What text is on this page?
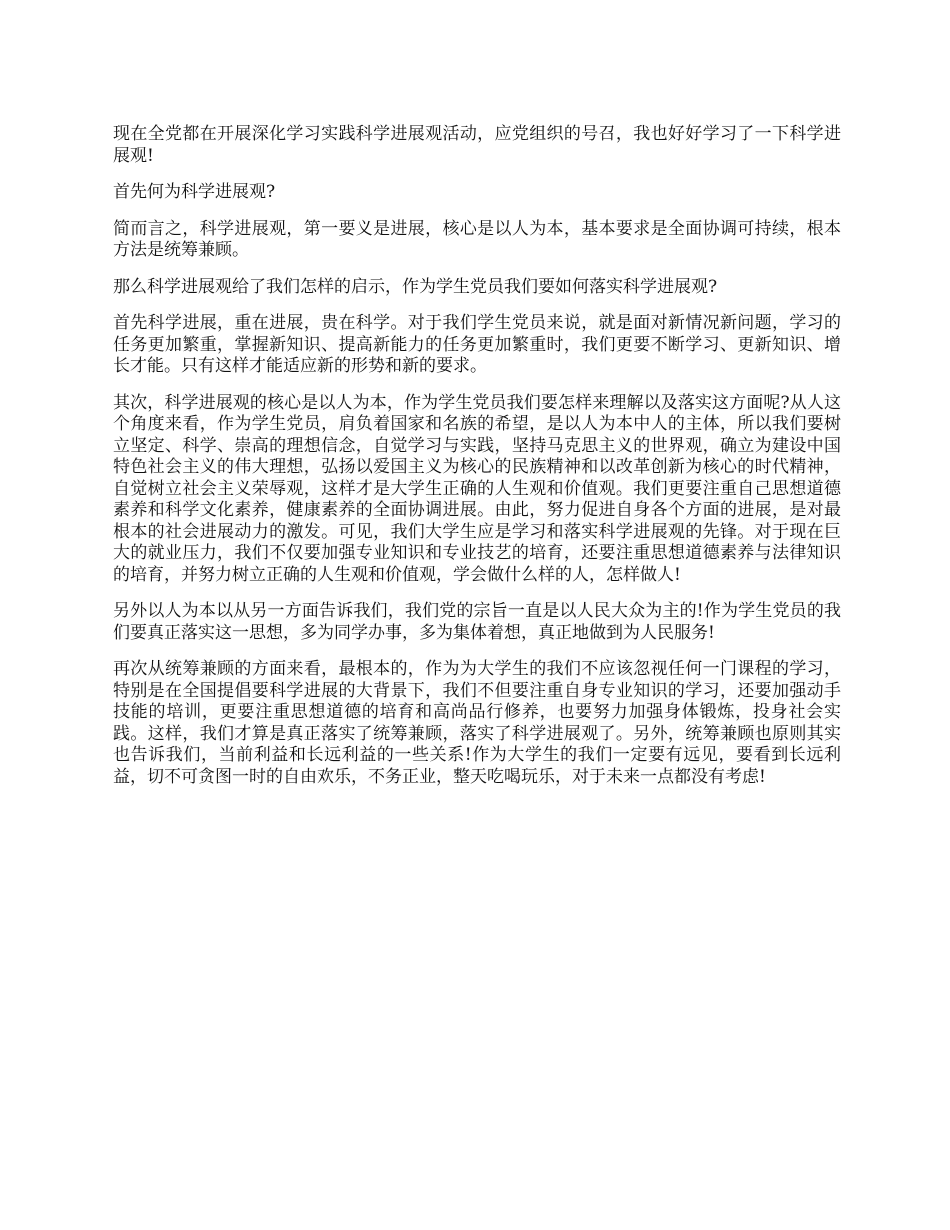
现在全党都在开展深化学习实践科学进展观活动，应党组织的号召，我也好好学习了一下科学进展观!

首先何为科学进展观?

简而言之，科学进展观，第一要义是进展，核心是以人为本，基本要求是全面协调可持续，根本方法是统筹兼顾。

那么科学进展观给了我们怎样的启示，作为学生党员我们要如何落实科学进展观?

首先科学进展，重在进展，贵在科学。对于我们学生党员来说，就是面对新情况新问题，学习的任务更加繁重，掌握新知识、提高新能力的任务更加繁重时，我们更要不断学习、更新知识、增长才能。只有这样才能适应新的形势和新的要求。

其次，科学进展观的核心是以人为本，作为学生党员我们要怎样来理解以及落实这方面呢?从人这个角度来看，作为学生党员，肩负着国家和名族的希望，是以人为本中人的主体，所以我们要树立坚定、科学、崇高的理想信念，自觉学习与实践，坚持马克思主义的世界观，确立为建设中国特色社会主义的伟大理想，弘扬以爱国主义为核心的民族精神和以改革创新为核心的时代精神，自觉树立社会主义荣辱观，这样才是大学生正确的人生观和价值观。我们更要注重自己思想道德素养和科学文化素养，健康素养的全面协调进展。由此，努力促进自身各个方面的进展，是对最根本的社会进展动力的激发。可见，我们大学生应是学习和落实科学进展观的先锋。对于现在巨大的就业压力，我们不仅要加强专业知识和专业技艺的培育，还要注重思想道德素养与法律知识的培育，并努力树立正确的人生观和价值观，学会做什么样的人，怎样做人!

另外以人为本以从另一方面告诉我们，我们党的宗旨一直是以人民大众为主的!作为学生党员的我们要真正落实这一思想，多为同学办事，多为集体着想，真正地做到为人民服务!

再次从统筹兼顾的方面来看，最根本的，作为为大学生的我们不应该忽视任何一门课程的学习，特别是在全国提倡要科学进展的大背景下，我们不但要注重自身专业知识的学习，还要加强动手技能的培训，更要注重思想道德的培育和高尚品行修养，也要努力加强身体锻炼，投身社会实践。这样，我们才算是真正落实了统筹兼顾，落实了科学进展观了。另外，统筹兼顾也原则其实也告诉我们，当前利益和长远利益的一些关系!作为大学生的我们一定要有远见，要看到长远利益，切不可贪图一时的自由欢乐，不务正业，整天吃喝玩乐，对于未来一点都没有考虑!
